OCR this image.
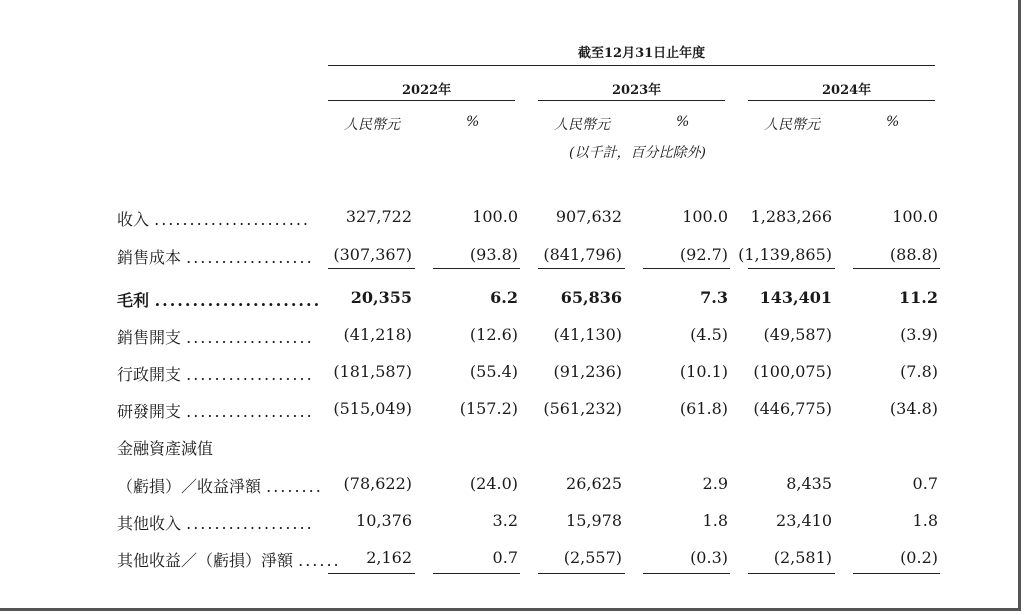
截至12月31日止年度
2022年	2023年	2024年
人民幣元	%	人民幣元	%	人民幣元	%
(以千計，百分比除外)
收入 ...................... 327,722	100.0 907,632	100.0 1,283,266	100.0
銷售成本 .................. (307,367)	(93.8) (841,796)	(92.7) (1,139,865)	(88.8)
毛利 ...................... 20,355	6.2	65,836	7.3 143,401	11.2
銷售開支 .................. (41,218)	(12.6) (41,130)	(4.5) (49,587)	(3.9)
行政開支 .................. (181,587)	(55.4) (91,236)	(10.1) (100,075)	(7.8)
研發開支 .................. (515,049)	(157.2) (561,232)	(61.8) (446,775)	(34.8)
金融資產減值
（虧損）／收益淨額 ........ (78,622)	(24.0)	26,625	2.9	8,435	0.7
其他收入 ..................	10,376	3.2	15,978	1.8	23,410	1.8
其他收益／（虧損）淨額 ...... 2,162	0.7	(2,557)	(0.3)	(2,581)	(0.2)
